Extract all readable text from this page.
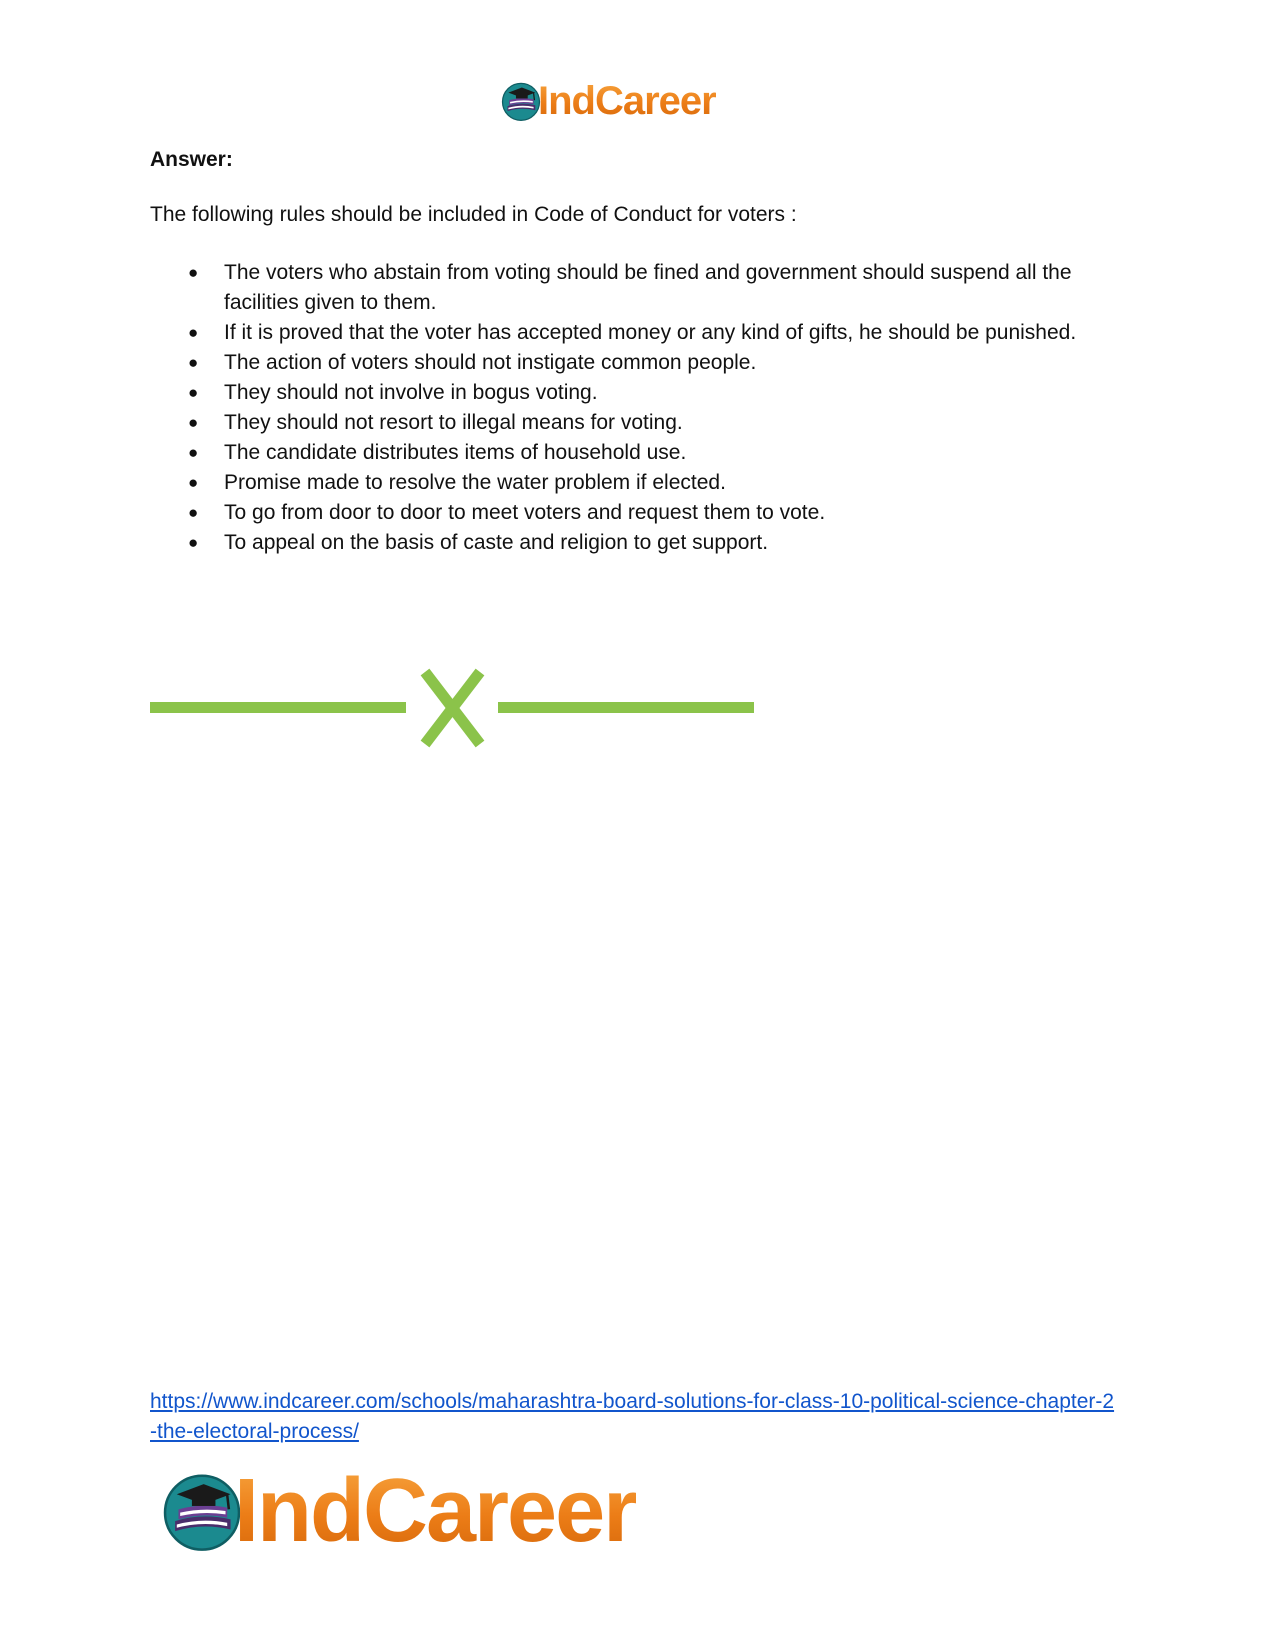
IndCareer
Answer:

The following rules should be included in Code of Conduct for voters :

● The voters who abstain from voting should be fined and government should suspend all the facilities given to them.
● If it is proved that the voter has accepted money or any kind of gifts, he should be punished.
● The action of voters should not instigate common people.
● They should not involve in bogus voting.
● They should not resort to illegal means for voting.
● The candidate distributes items of household use.
● Promise made to resolve the water problem if elected.
● To go from door to door to meet voters and request them to vote.
● To appeal on the basis of caste and religion to get support.
https://www.indcareer.com/schools/maharashtra-board-solutions-for-class-10-political-science-chapter-2-the-electoral-process/
IndCareer
